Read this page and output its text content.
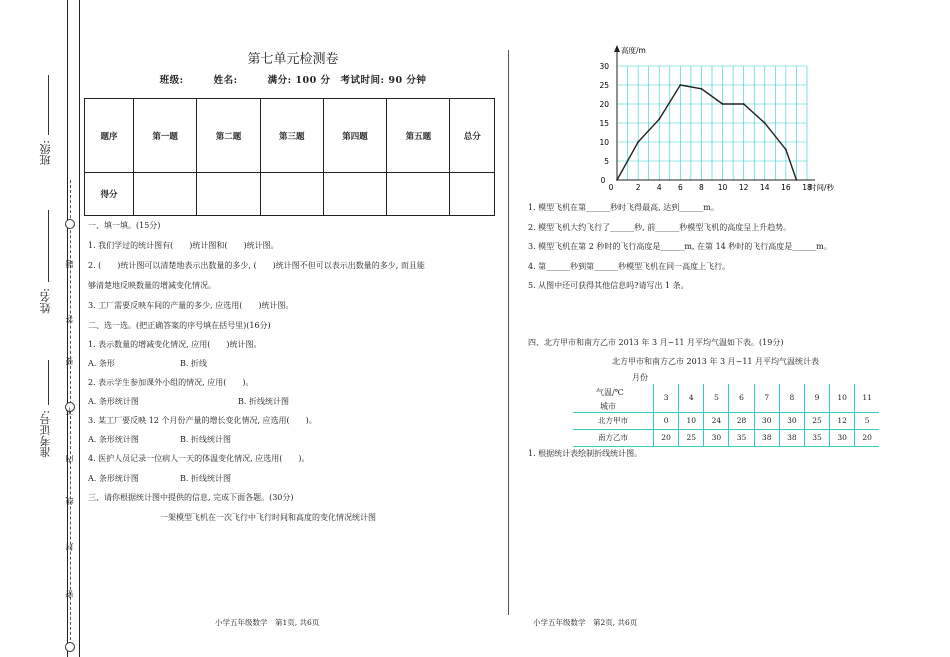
题
答
要
不
内
线
封
密
班级:
姓名:
准考证号:
第七单元检测卷
班级:　　　姓名:　　　满分: 100 分　考试时间: 90 分钟
题序	第一题	第二题	第三题	第四题	第五题	总分
得分						
一、填一填。(15分)
1. 我们学过的统计图有(　　)统计图和(　　)统计图。
2. (　　)统计图可以清楚地表示出数量的多少, (　　)统计图不但可以表示出数量的多少, 而且能
够清楚地反映数量的增减变化情况。
3. 工厂需要反映车间的产量的多少, 应选用(　　)统计图。
二、选一选。(把正确答案的序号填在括号里)(16分)
1. 表示数量的增减变化情况, 应用(　　)统计图。
A. 条形	B. 折线
2. 表示学生参加课外小组的情况, 应用(　　)。
A. 条形统计图	B. 折线统计图
3. 某工厂要反映 12 个月份产量的增长变化情况, 应选用(　　)。
A. 条形统计图	B. 折线统计图
4. 医护人员记录一位病人一天的体温变化情况, 应选用(　　)。
A. 条形统计图	B. 折线统计图
三、请你根据统计图中提供的信息, 完成下面各题。(30分)
一架模型飞机在一次飞行中飞行时间和高度的变化情况统计图
小学五年级数学　第1页, 共6页
0	2 4 6 8 10 12 14 16 18
0
5
10
15
20
25
30
高度/m
时间/秒
1. 模型飞机在第______秒时飞得最高, 达到______m。
2. 模型飞机大约飞行了______秒, 前______秒模型飞机的高度呈上升趋势。
3. 模型飞机在第 2 秒时的飞行高度是______m, 在第 14 秒时的飞行高度是______m。
4. 第______秒到第______秒模型飞机在同一高度上飞行。
5. 从图中还可获得其他信息吗?请写出 1 条。
四、北方甲市和南方乙市 2013 年 3 月~11 月平均气温如下表。(19分)
北方甲市和南方乙市 2013 年 3 月~11 月平均气温统计表
月份
气温/℃
城市
	3	4	5	6	7	8	9	10	11
北方甲市	0	10	24	28	30	30	25	12	5
南方乙市	20	25	30	35	38	38	35	30	20
1. 根据统计表绘制折线统计图。
小学五年级数学　第2页, 共6页
